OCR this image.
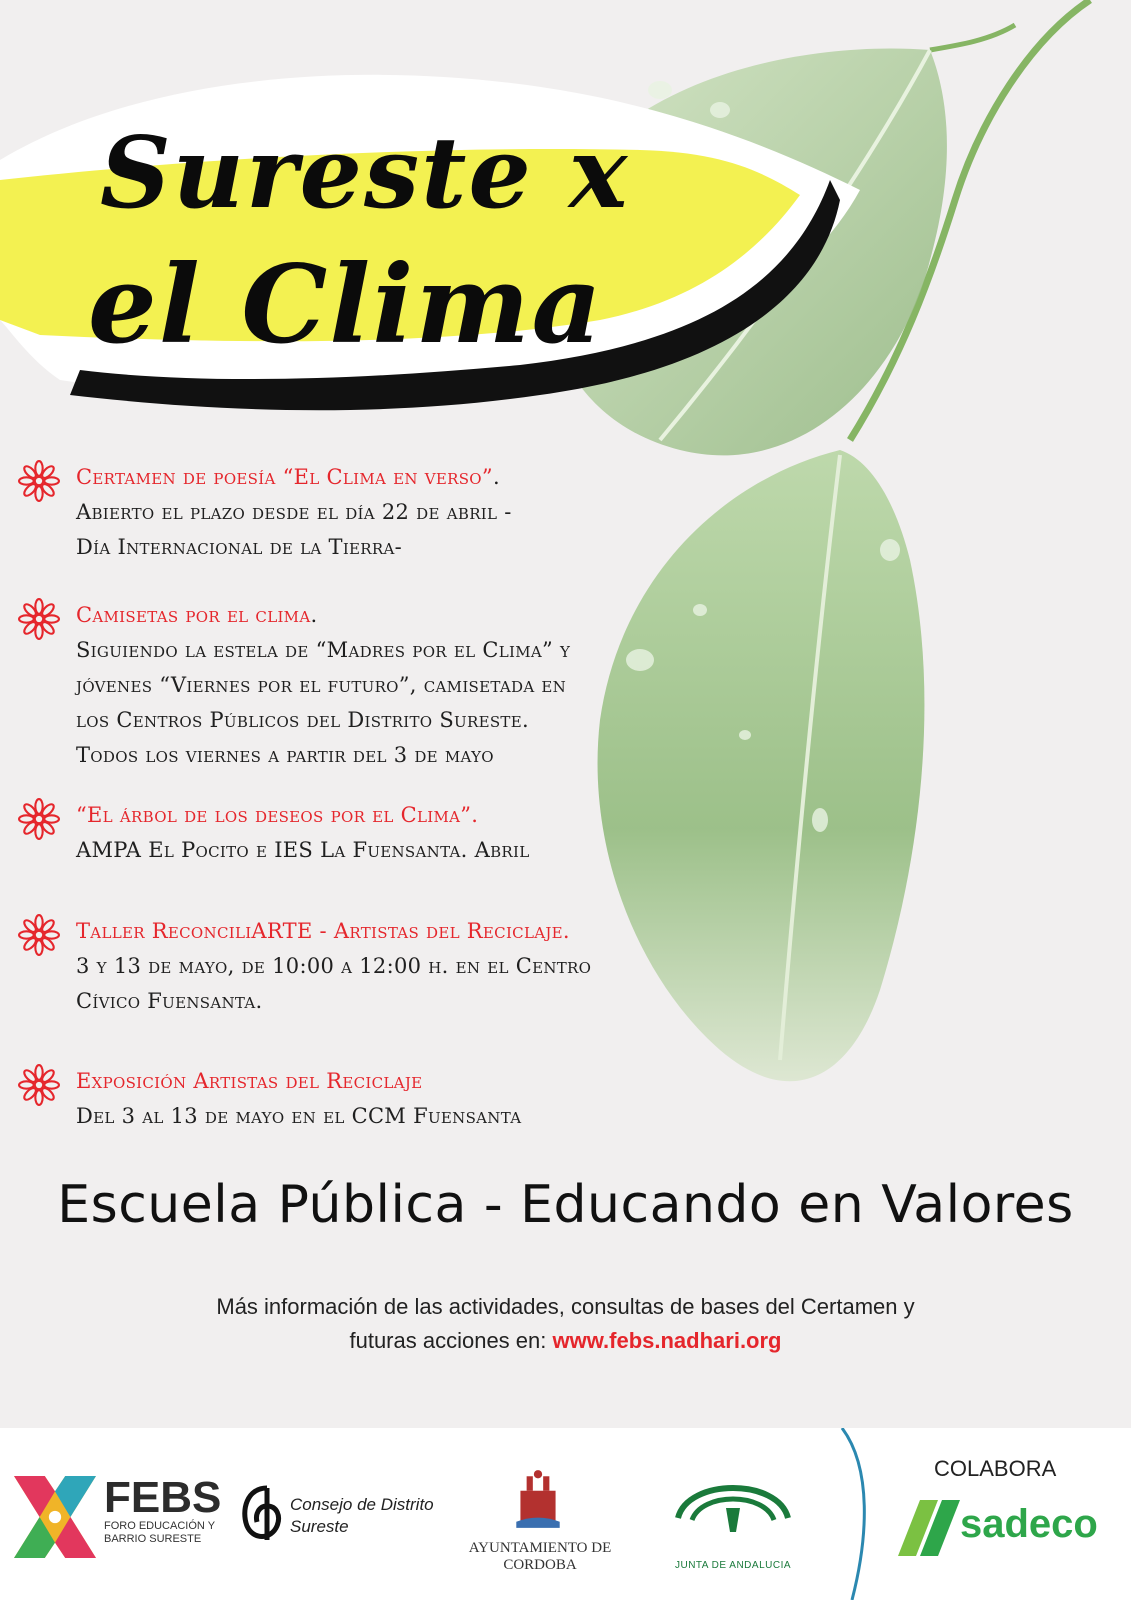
Sureste x
el Clima
Certamen de poesía “El Clima en verso”.
Abierto el plazo desde el día 22 de abril -
Día Internacional de la Tierra-
Camisetas por el clima.
Siguiendo la estela de “Madres por el Clima” y
jóvenes “Viernes por el futuro”, camisetada en
los Centros Públicos del Distrito Sureste.
Todos los viernes a partir del 3 de mayo
“El árbol de los deseos por el Clima”.
AMPA El Pocito e IES La Fuensanta. Abril
Taller ReconciliARTE - Artistas del Reciclaje.
3 y 13 de mayo, de 10:00 a 12:00 h. en el Centro
Cívico Fuensanta.
Exposición Artistas del Reciclaje
Del 3 al 13 de mayo en el CCM Fuensanta
Escuela Pública - Educando en Valores
Más información de las actividades, consultas de bases del Certamen y
futuras acciones en: www.febs.nadhari.org
FEBS
FORO EDUCACIÓN Y BARRIO SURESTE
Consejo de Distrito Sureste
AYUNTAMIENTO DE CORDOBA	JUNTA DE ANDALUCIA
COLABORA
sadeco
